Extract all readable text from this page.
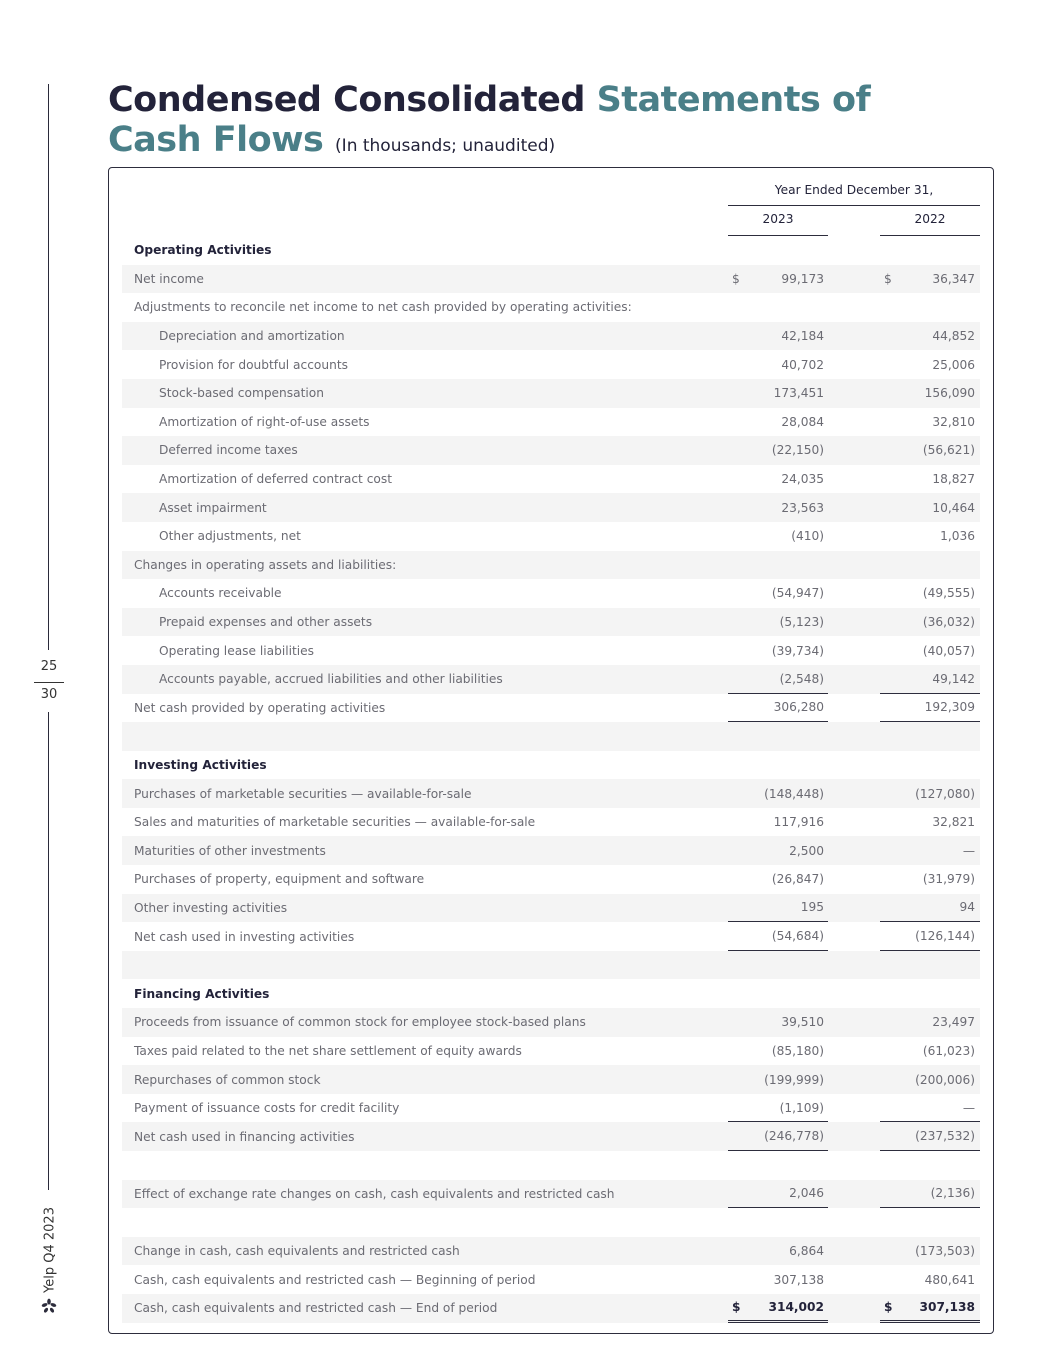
25
30
Yelp Q4 2023
Condensed Consolidated Statements of
Cash Flows (In thousands; unaudited)
Year Ended December 31,
2023	2022
Operating Activities
Net income	$	99,173	$	36,347
Adjustments to reconcile net income to net cash provided by operating activities:
Depreciation and amortization	42,184	44,852
Provision for doubtful accounts	40,702	25,006
Stock-based compensation	173,451	156,090
Amortization of right-of-use assets	28,084	32,810
Deferred income taxes	(22,150)	(56,621)
Amortization of deferred contract cost	24,035	18,827
Asset impairment	23,563	10,464
Other adjustments, net	(410)	1,036
Changes in operating assets and liabilities:
Accounts receivable	(54,947)	(49,555)
Prepaid expenses and other assets	(5,123)	(36,032)
Operating lease liabilities	(39,734)	(40,057)
Accounts payable, accrued liabilities and other liabilities	(2,548)	49,142
Net cash provided by operating activities	306,280	192,309
Investing Activities
Purchases of marketable securities — available-for-sale	(148,448)	(127,080)
Sales and maturities of marketable securities — available-for-sale	117,916	32,821
Maturities of other investments	2,500	—
Purchases of property, equipment and software	(26,847)	(31,979)
Other investing activities	195	94
Net cash used in investing activities	(54,684)	(126,144)
Financing Activities
Proceeds from issuance of common stock for employee stock-based plans	39,510	23,497
Taxes paid related to the net share settlement of equity awards	(85,180)	(61,023)
Repurchases of common stock	(199,999)	(200,006)
Payment of issuance costs for credit facility	(1,109)	—
Net cash used in financing activities	(246,778)	(237,532)
Effect of exchange rate changes on cash, cash equivalents and restricted cash	2,046	(2,136)
Change in cash, cash equivalents and restricted cash	6,864	(173,503)
Cash, cash equivalents and restricted cash — Beginning of period	307,138	480,641
Cash, cash equivalents and restricted cash — End of period	$ 314,002	$ 307,138
